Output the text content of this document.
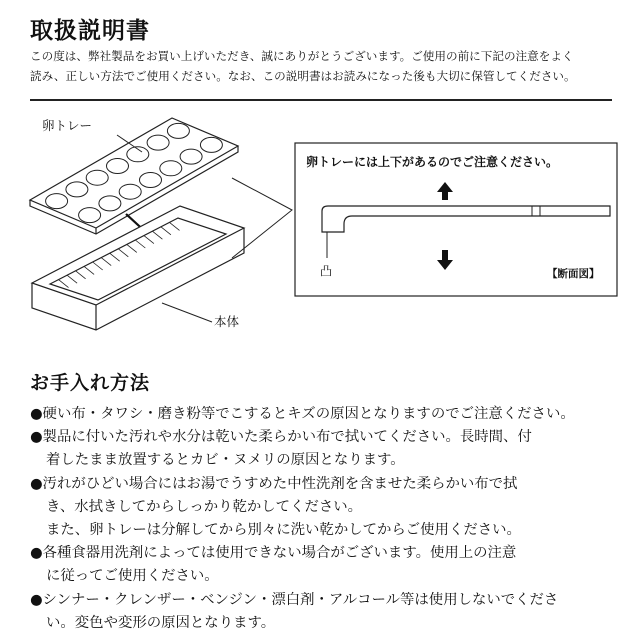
取扱説明書
この度は、弊社製品をお買い上げいただき、誠にありがとうございます。ご使用の前に下記の注意をよく
読み、正しい方法でご使用ください。なお、この説明書はお読みになった後も大切に保管してください。
卵トレー
本体
卵トレーには上下があるのでご注意ください。
凸	【断面図】
お手入れ方法
●硬い布・タワシ・磨き粉等でこするとキズの原因となりますのでご注意ください。
●製品に付いた汚れや水分は乾いた柔らかい布で拭いてください。長時間、付
着したまま放置するとカビ・ヌメリの原因となります。
●汚れがひどい場合にはお湯でうすめた中性洗剤を含ませた柔らかい布で拭
き、水拭きしてからしっかり乾かしてください。
また、卵トレーは分解してから別々に洗い乾かしてからご使用ください。
●各種食器用洗剤によっては使用できない場合がございます。使用上の注意
に従ってご使用ください。
●シンナー・クレンザー・ベンジン・漂白剤・アルコール等は使用しないでくださ
い。変色や変形の原因となります。
